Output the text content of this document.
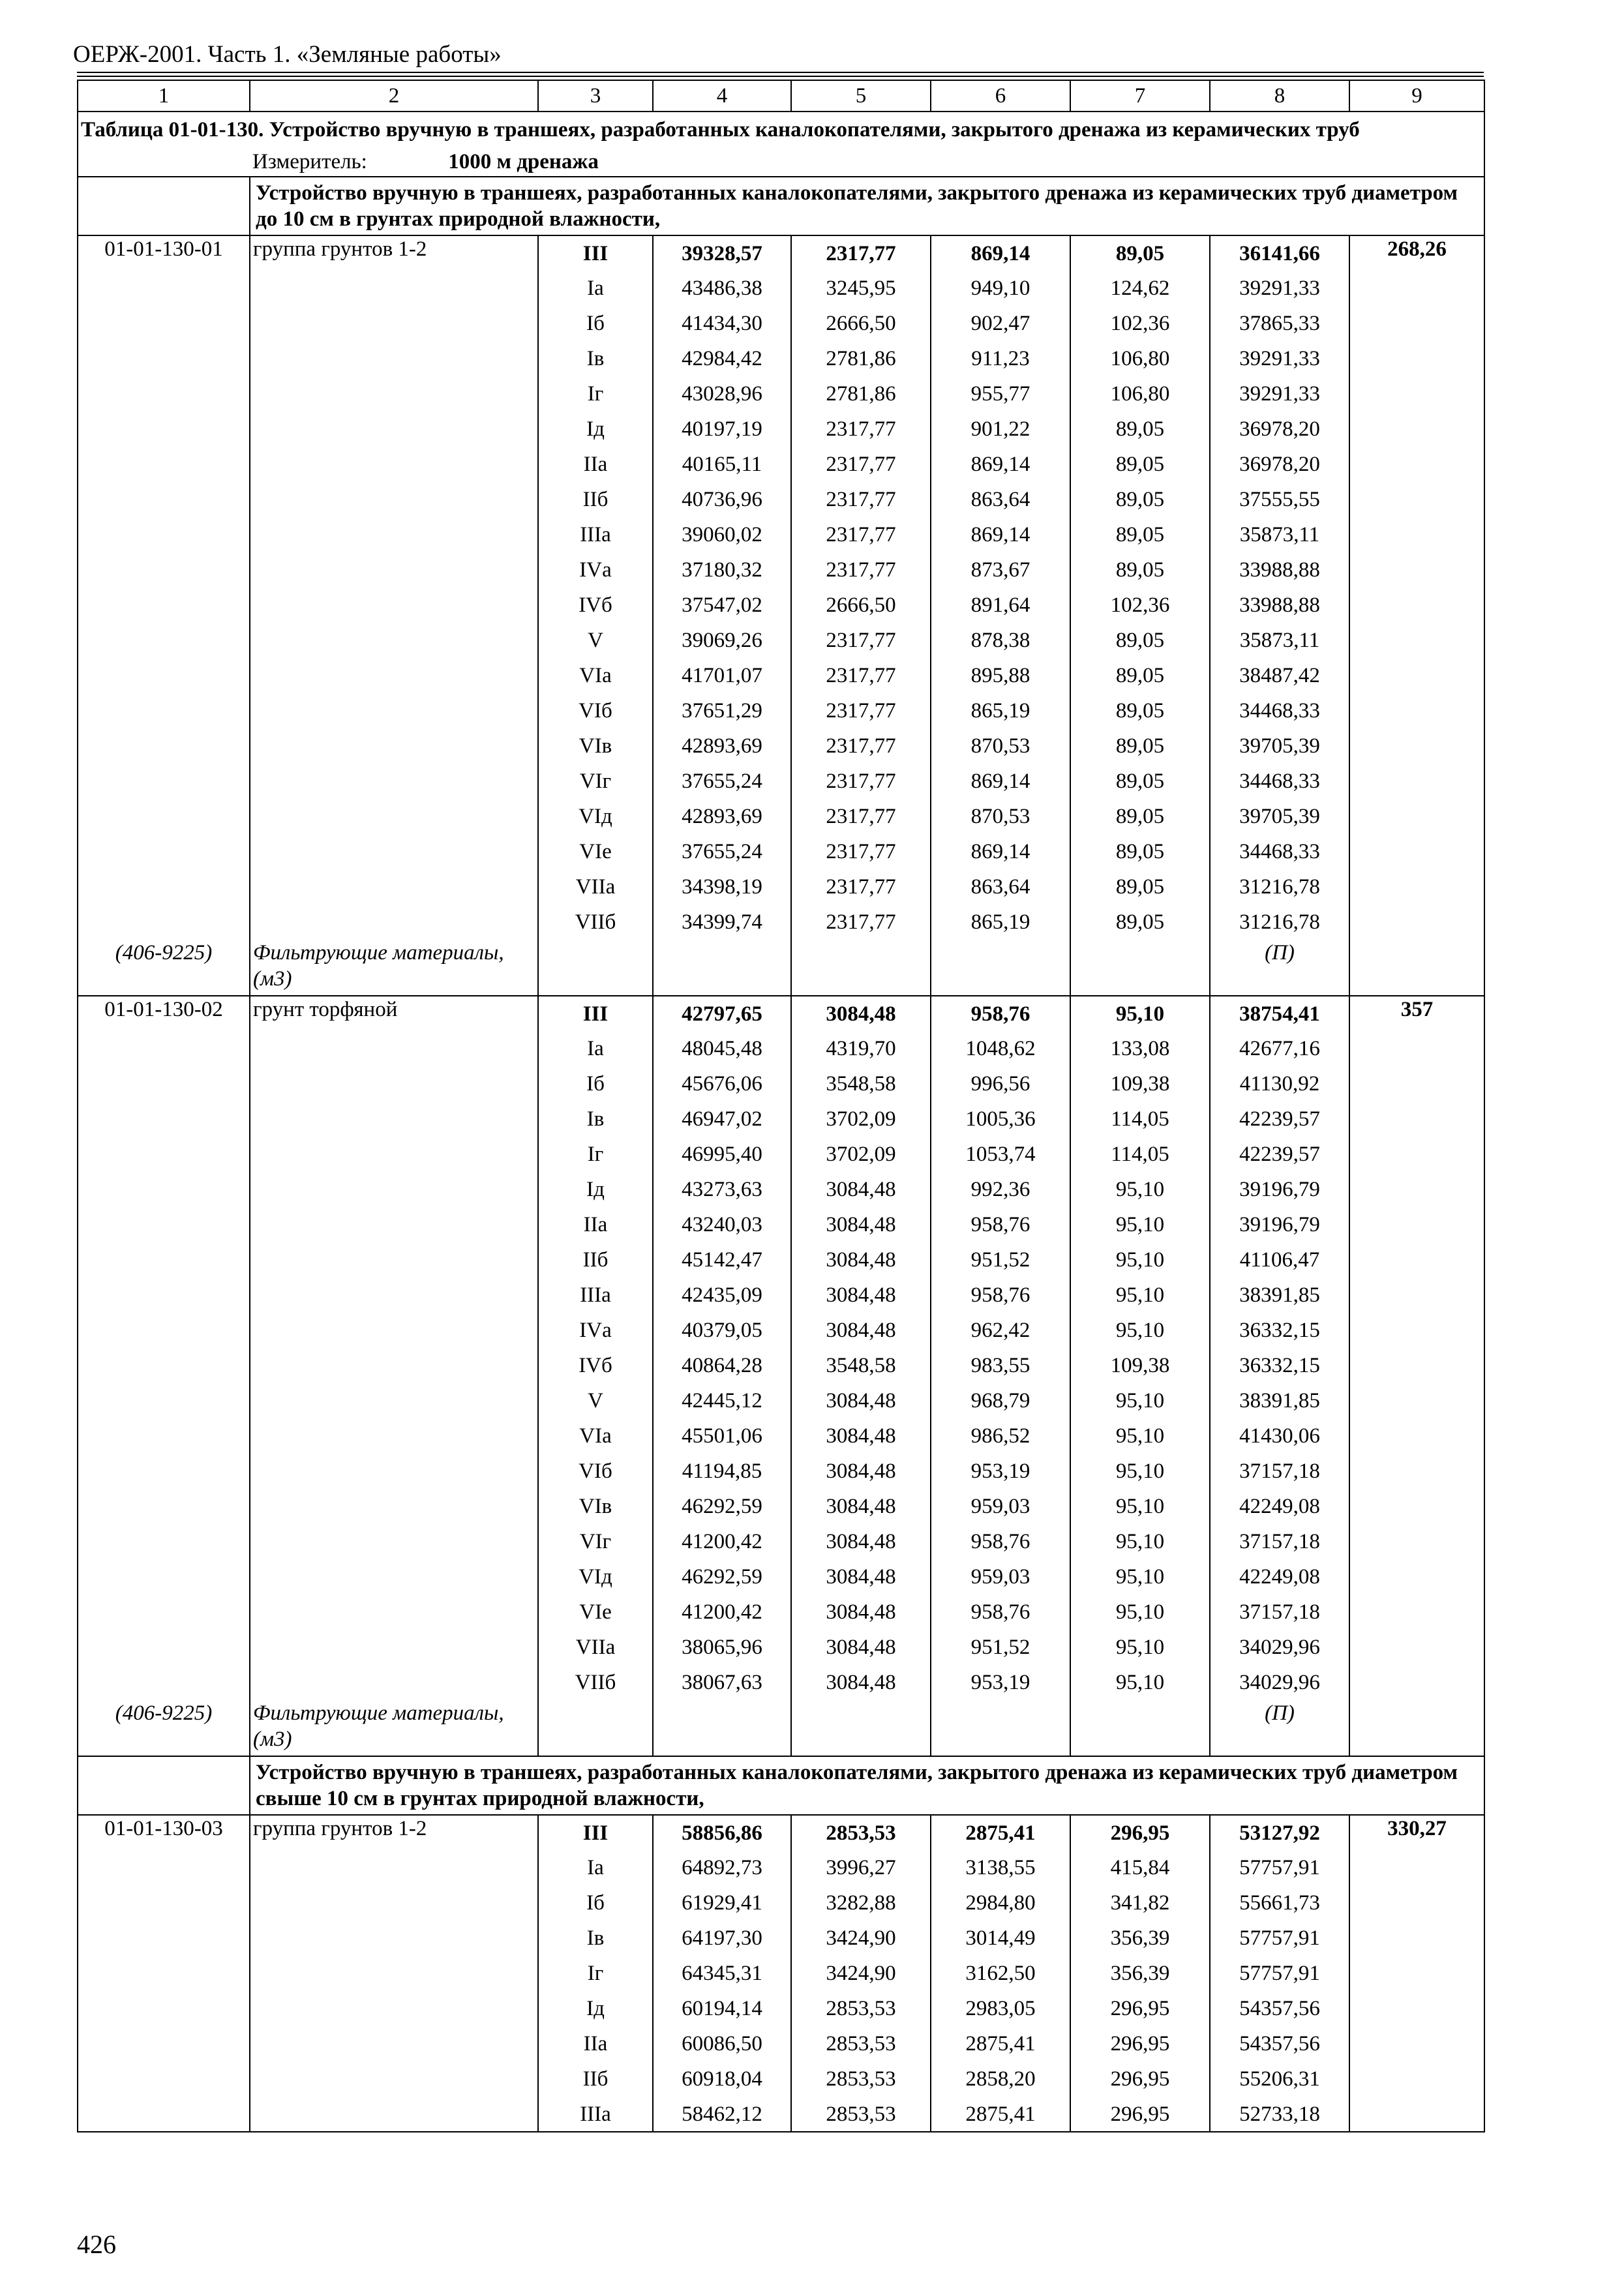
ОЕРЖ-2001. Часть 1. «Земляные работы»
1	2	3	4	5	6	7	8	9
Таблица 01-01-130. Устройство вручную в траншеях, разработанных каналокопателями, закрытого дренажа из керамических труб								
	Измеритель: 1000 м дренажа							
	Устройство вручную в траншеях, разработанных каналокопателями, закрытого дренажа из керамических труб диаметром до 10 см в грунтах природной влажности,							
01-01-130-01	группа грунтов 1-2	III	39328,57	2317,77	869,14	89,05	36141,66	268,26
		Iа	43486,38	3245,95	949,10	124,62	39291,33	
		Iб	41434,30	2666,50	902,47	102,36	37865,33	
		Iв	42984,42	2781,86	911,23	106,80	39291,33	
		Iг	43028,96	2781,86	955,77	106,80	39291,33	
		Iд	40197,19	2317,77	901,22	89,05	36978,20	
		IIа	40165,11	2317,77	869,14	89,05	36978,20	
		IIб	40736,96	2317,77	863,64	89,05	37555,55	
		IIIа	39060,02	2317,77	869,14	89,05	35873,11	
		IVа	37180,32	2317,77	873,67	89,05	33988,88	
		IVб	37547,02	2666,50	891,64	102,36	33988,88	
		V	39069,26	2317,77	878,38	89,05	35873,11	
		VIа	41701,07	2317,77	895,88	89,05	38487,42	
		VIб	37651,29	2317,77	865,19	89,05	34468,33	
		VIв	42893,69	2317,77	870,53	89,05	39705,39	
		VIг	37655,24	2317,77	869,14	89,05	34468,33	
		VIд	42893,69	2317,77	870,53	89,05	39705,39	
		VIе	37655,24	2317,77	869,14	89,05	34468,33	
		VIIа	34398,19	2317,77	863,64	89,05	31216,78	
		VIIб	34399,74	2317,77	865,19	89,05	31216,78	
(406-9225)	Фильтрующие материалы, (м3)						(П)	
01-01-130-02	грунт торфяной	III	42797,65	3084,48	958,76	95,10	38754,41	357
		Iа	48045,48	4319,70	1048,62	133,08	42677,16	
		Iб	45676,06	3548,58	996,56	109,38	41130,92	
		Iв	46947,02	3702,09	1005,36	114,05	42239,57	
		Iг	46995,40	3702,09	1053,74	114,05	42239,57	
		Iд	43273,63	3084,48	992,36	95,10	39196,79	
		IIа	43240,03	3084,48	958,76	95,10	39196,79	
		IIб	45142,47	3084,48	951,52	95,10	41106,47	
		IIIа	42435,09	3084,48	958,76	95,10	38391,85	
		IVа	40379,05	3084,48	962,42	95,10	36332,15	
		IVб	40864,28	3548,58	983,55	109,38	36332,15	
		V	42445,12	3084,48	968,79	95,10	38391,85	
		VIа	45501,06	3084,48	986,52	95,10	41430,06	
		VIб	41194,85	3084,48	953,19	95,10	37157,18	
		VIв	46292,59	3084,48	959,03	95,10	42249,08	
		VIг	41200,42	3084,48	958,76	95,10	37157,18	
		VIд	46292,59	3084,48	959,03	95,10	42249,08	
		VIе	41200,42	3084,48	958,76	95,10	37157,18	
		VIIа	38065,96	3084,48	951,52	95,10	34029,96	
		VIIб	38067,63	3084,48	953,19	95,10	34029,96	
(406-9225)	Фильтрующие материалы, (м3)						(П)	
	Устройство вручную в траншеях, разработанных каналокопателями, закрытого дренажа из керамических труб диаметром свыше 10 см в грунтах природной влажности,							
01-01-130-03	группа грунтов 1-2	III	58856,86	2853,53	2875,41	296,95	53127,92	330,27
		Iа	64892,73	3996,27	3138,55	415,84	57757,91	
		Iб	61929,41	3282,88	2984,80	341,82	55661,73	
		Iв	64197,30	3424,90	3014,49	356,39	57757,91	
		Iг	64345,31	3424,90	3162,50	356,39	57757,91	
		Iд	60194,14	2853,53	2983,05	296,95	54357,56	
		IIа	60086,50	2853,53	2875,41	296,95	54357,56	
		IIб	60918,04	2853,53	2858,20	296,95	55206,31	
		IIIа	58462,12	2853,53	2875,41	296,95	52733,18	
426
